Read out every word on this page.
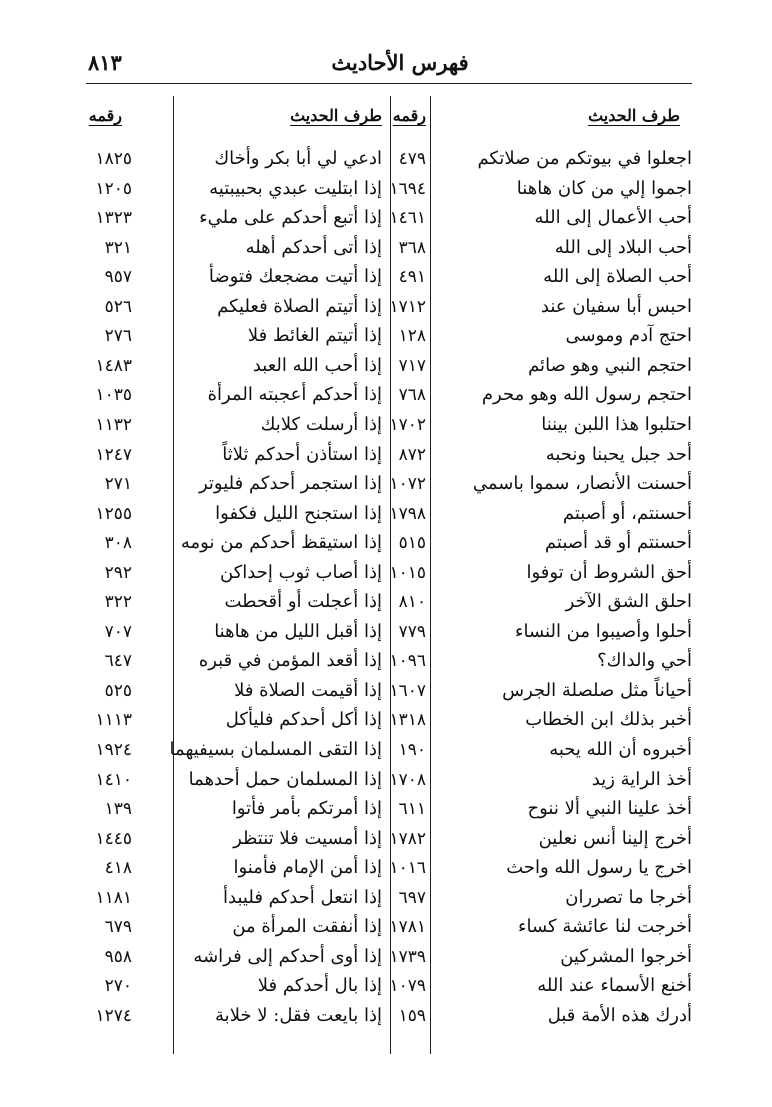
فهرس الأحاديث
٨١٣
طرف الحديث
رقمه
طرف الحديث
رقمه
اجعلوا في بيوتكم من صلاتكم
٤٧٩
ادعي لي أبا بكر وأخاك
١٨٢٥
اجموا إلي من كان هاهنا
١٦٩٤
إذا ابتليت عبدي بحبيبتيه
١٢٠٥
أحب الأعمال إلى الله
١٤٦١
إذا أتبع أحدكم على مليء
١٣٢٣
أحب البلاد إلى الله
٣٦٨
إذا أتى أحدكم أهله
٣٢١
أحب الصلاة إلى الله
٤٩١
إذا أتيت مضجعك فتوضأ
٩٥٧
احبس أبا سفيان عند
١٧١٢
إذا أتيتم الصلاة فعليكم
٥٢٦
احتج آدم وموسى
١٢٨
إذا أتيتم الغائط فلا
٢٧٦
احتجم النبي وهو صائم
٧١٧
إذا أحب الله العبد
١٤٨٣
احتجم رسول الله وهو محرم
٧٦٨
إذا أحدكم أعجبته المرأة
١٠٣٥
احتلبوا هذا اللبن بيننا
١٧٠٢
إذا أرسلت كلابك
١١٣٢
أحد جبل يحبنا ونحبه
٨٧٢
إذا استأذن أحدكم ثلاثاً
١٢٤٧
أحسنت الأنصار، سموا باسمي
١٠٧٢
إذا استجمر أحدكم فليوتر
٢٧١
أحسنتم، أو أصبتم
١٧٩٨
إذا استجنح الليل فكفوا
١٢٥٥
أحسنتم أو قد أصبتم
٥١٥
إذا استيقظ أحدكم من نومه
٣٠٨
أحق الشروط أن توفوا
١٠١٥
إذا أصاب ثوب إحداكن
٢٩٢
احلق الشق الآخر
٨١٠
إذا أعجلت أو أقحطت
٣٢٢
أحلوا وأصيبوا من النساء
٧٧٩
إذا أقبل الليل من هاهنا
٧٠٧
أحي والداك؟
١٠٩٦
إذا أقعد المؤمن في قبره
٦٤٧
أحياناً مثل صلصلة الجرس
١٦٠٧
إذا أقيمت الصلاة فلا
٥٢٥
أخبر بذلك ابن الخطاب
١٣١٨
إذا أكل أحدكم فليأكل
١١١٣
أخبروه أن الله يحبه
١٩٠
إذا التقى المسلمان بسيفيهما
١٩٢٤
أخذ الراية زيد
١٧٠٨
إذا المسلمان حمل أحدهما
١٤١٠
أخذ علينا النبي ألا ننوح
٦١١
إذا أمرتكم بأمر فأتوا
١٣٩
أخرج إلينا أنس نعلين
١٧٨٢
إذا أمسيت فلا تنتظر
١٤٤٥
اخرج يا رسول الله واحث
١٠١٦
إذا أمن الإمام فأمنوا
٤١٨
أخرجا ما تصرران
٦٩٧
إذا انتعل أحدكم فليبدأ
١١٨١
أخرجت لنا عائشة كساء
١٧٨١
إذا أنفقت المرأة من
٦٧٩
أخرجوا المشركين
١٧٣٩
إذا أوى أحدكم إلى فراشه
٩٥٨
أخنع الأسماء عند الله
١٠٧٩
إذا بال أحدكم فلا
٢٧٠
أدرك هذه الأمة قبل
١٥٩
إذا بايعت فقل: لا خلابة
١٢٧٤
